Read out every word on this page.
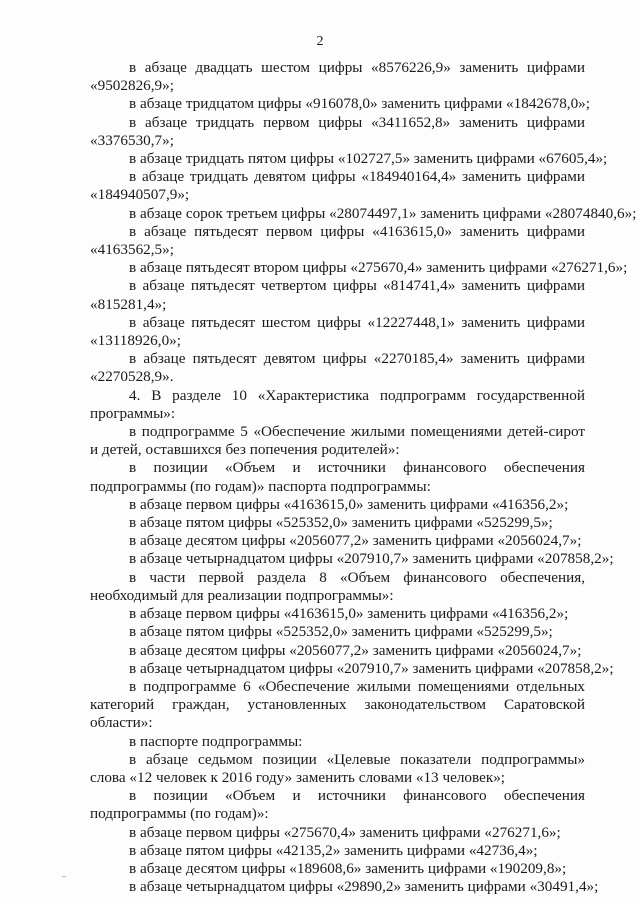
2

в абзаце двадцать шестом цифры «8576226,9» заменить цифрами «9502826,9»;

в абзаце тридцатом цифры «916078,0» заменить цифрами «1842678,0»;

в абзаце тридцать первом цифры «3411652,8» заменить цифрами «3376530,7»;

в абзаце тридцать пятом цифры «102727,5» заменить цифрами «67605,4»;

в абзаце тридцать девятом цифры «184940164,4» заменить цифрами «184940507,9»;

в абзаце сорок третьем цифры «28074497,1» заменить цифрами «28074840,6»;

в абзаце пятьдесят первом цифры «4163615,0» заменить цифрами «4163562,5»;

в абзаце пятьдесят втором цифры «275670,4» заменить цифрами «276271,6»;

в абзаце пятьдесят четвертом цифры «814741,4» заменить цифрами «815281,4»;

в абзаце пятьдесят шестом цифры «12227448,1» заменить цифрами «13118926,0»;

в абзаце пятьдесят девятом цифры «2270185,4» заменить цифрами «2270528,9».

4. В разделе 10 «Характеристика подпрограмм государственной программы»:

в подпрограмме 5 «Обеспечение жилыми помещениями детей-сирот и детей, оставшихся без попечения родителей»:

в позиции «Объем и источники финансового обеспечения подпрограммы (по годам)» паспорта подпрограммы:

в абзаце первом цифры «4163615,0» заменить цифрами «416356,2»;

в абзаце пятом цифры «525352,0» заменить цифрами «525299,5»;

в абзаце десятом цифры «2056077,2» заменить цифрами «2056024,7»;

в абзаце четырнадцатом цифры «207910,7» заменить цифрами «207858,2»;

в части первой раздела 8 «Объем финансового обеспечения, необходимый для реализации подпрограммы»:

в абзаце первом цифры «4163615,0» заменить цифрами «416356,2»;

в абзаце пятом цифры «525352,0» заменить цифрами «525299,5»;

в абзаце десятом цифры «2056077,2» заменить цифрами «2056024,7»;

в абзаце четырнадцатом цифры «207910,7» заменить цифрами «207858,2»;

в подпрограмме 6 «Обеспечение жилыми помещениями отдельных категорий граждан, установленных законодательством Саратовской области»:

в паспорте подпрограммы:

в абзаце седьмом позиции «Целевые показатели подпрограммы» слова «12 человек к 2016 году» заменить словами «13 человек»;

в позиции «Объем и источники финансового обеспечения подпрограммы (по годам)»:

в абзаце первом цифры «275670,4» заменить цифрами «276271,6»;

в абзаце пятом цифры «42135,2» заменить цифрами «42736,4»;

в абзаце десятом цифры «189608,6» заменить цифрами «190209,8»;

в абзаце четырнадцатом цифры «29890,2» заменить цифрами «30491,4»;
